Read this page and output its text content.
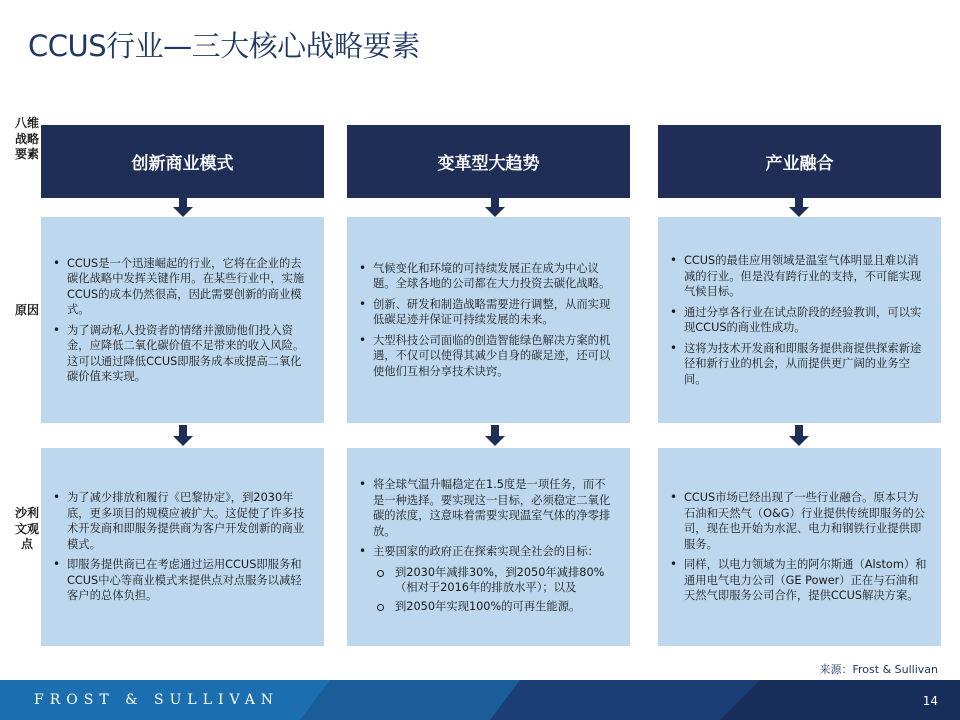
CCUS行业—三大核心战略要素
八维战略要素
原因
沙利文观点
创新商业模式
• CCUS是一个迅速崛起的行业，它将在企业的去碳化战略中发挥关键作用。在某些行业中，实施CCUS的成本仍然很高，因此需要创新的商业模式。
• 为了调动私人投资者的情绪并激励他们投入资金，应降低二氧化碳价值不足带来的收入风险。这可以通过降低CCUS即服务成本或提高二氧化碳价值来实现。
• 为了减少排放和履行《巴黎协定》，到2030年底，更多项目的规模应被扩大。这促使了许多技术开发商和即服务提供商为客户开发创新的商业模式。
• 即服务提供商已在考虑通过运用CCUS即服务和CCUS中心等商业模式来提供点对点服务以减轻客户的总体负担。
变革型大趋势
• 气候变化和环境的可持续发展正在成为中心议题。全球各地的公司都在大力投资去碳化战略。
• 创新、研发和制造战略需要进行调整，从而实现低碳足迹并保证可持续发展的未来。
• 大型科技公司面临的创造智能绿色解决方案的机遇，不仅可以使得其减少自身的碳足迹，还可以使他们互相分享技术诀窍。
• 将全球气温升幅稳定在1.5度是一项任务，而不是一种选择。要实现这一目标，必须稳定二氧化碳的浓度，这意味着需要实现温室气体的净零排放。
• 主要国家的政府正在探索实现全社会的目标：
到2030年减排30%，到2050年减排80%（相对于2016年的排放水平）；以及
到2050年实现100%的可再生能源。
产业融合
• CCUS的最佳应用领域是温室气体明显且难以消减的行业。但是没有跨行业的支持，不可能实现气候目标。
• 通过分享各行业在试点阶段的经验教训，可以实现CCUS的商业性成功。
• 这将为技术开发商和即服务提供商提供探索新途径和新行业的机会，从而提供更广阔的业务空间。
• CCUS市场已经出现了一些行业融合。原本只为石油和天然气（O&G）行业提供传统即服务的公司，现在也开始为水泥、电力和钢铁行业提供即服务。
• 同样，以电力领域为主的阿尔斯通（Alstom）和通用电气电力公司（GE Power）正在与石油和天然气即服务公司合作，提供CCUS解决方案。
来源：Frost & Sullivan
FROST & SULLIVAN	14
